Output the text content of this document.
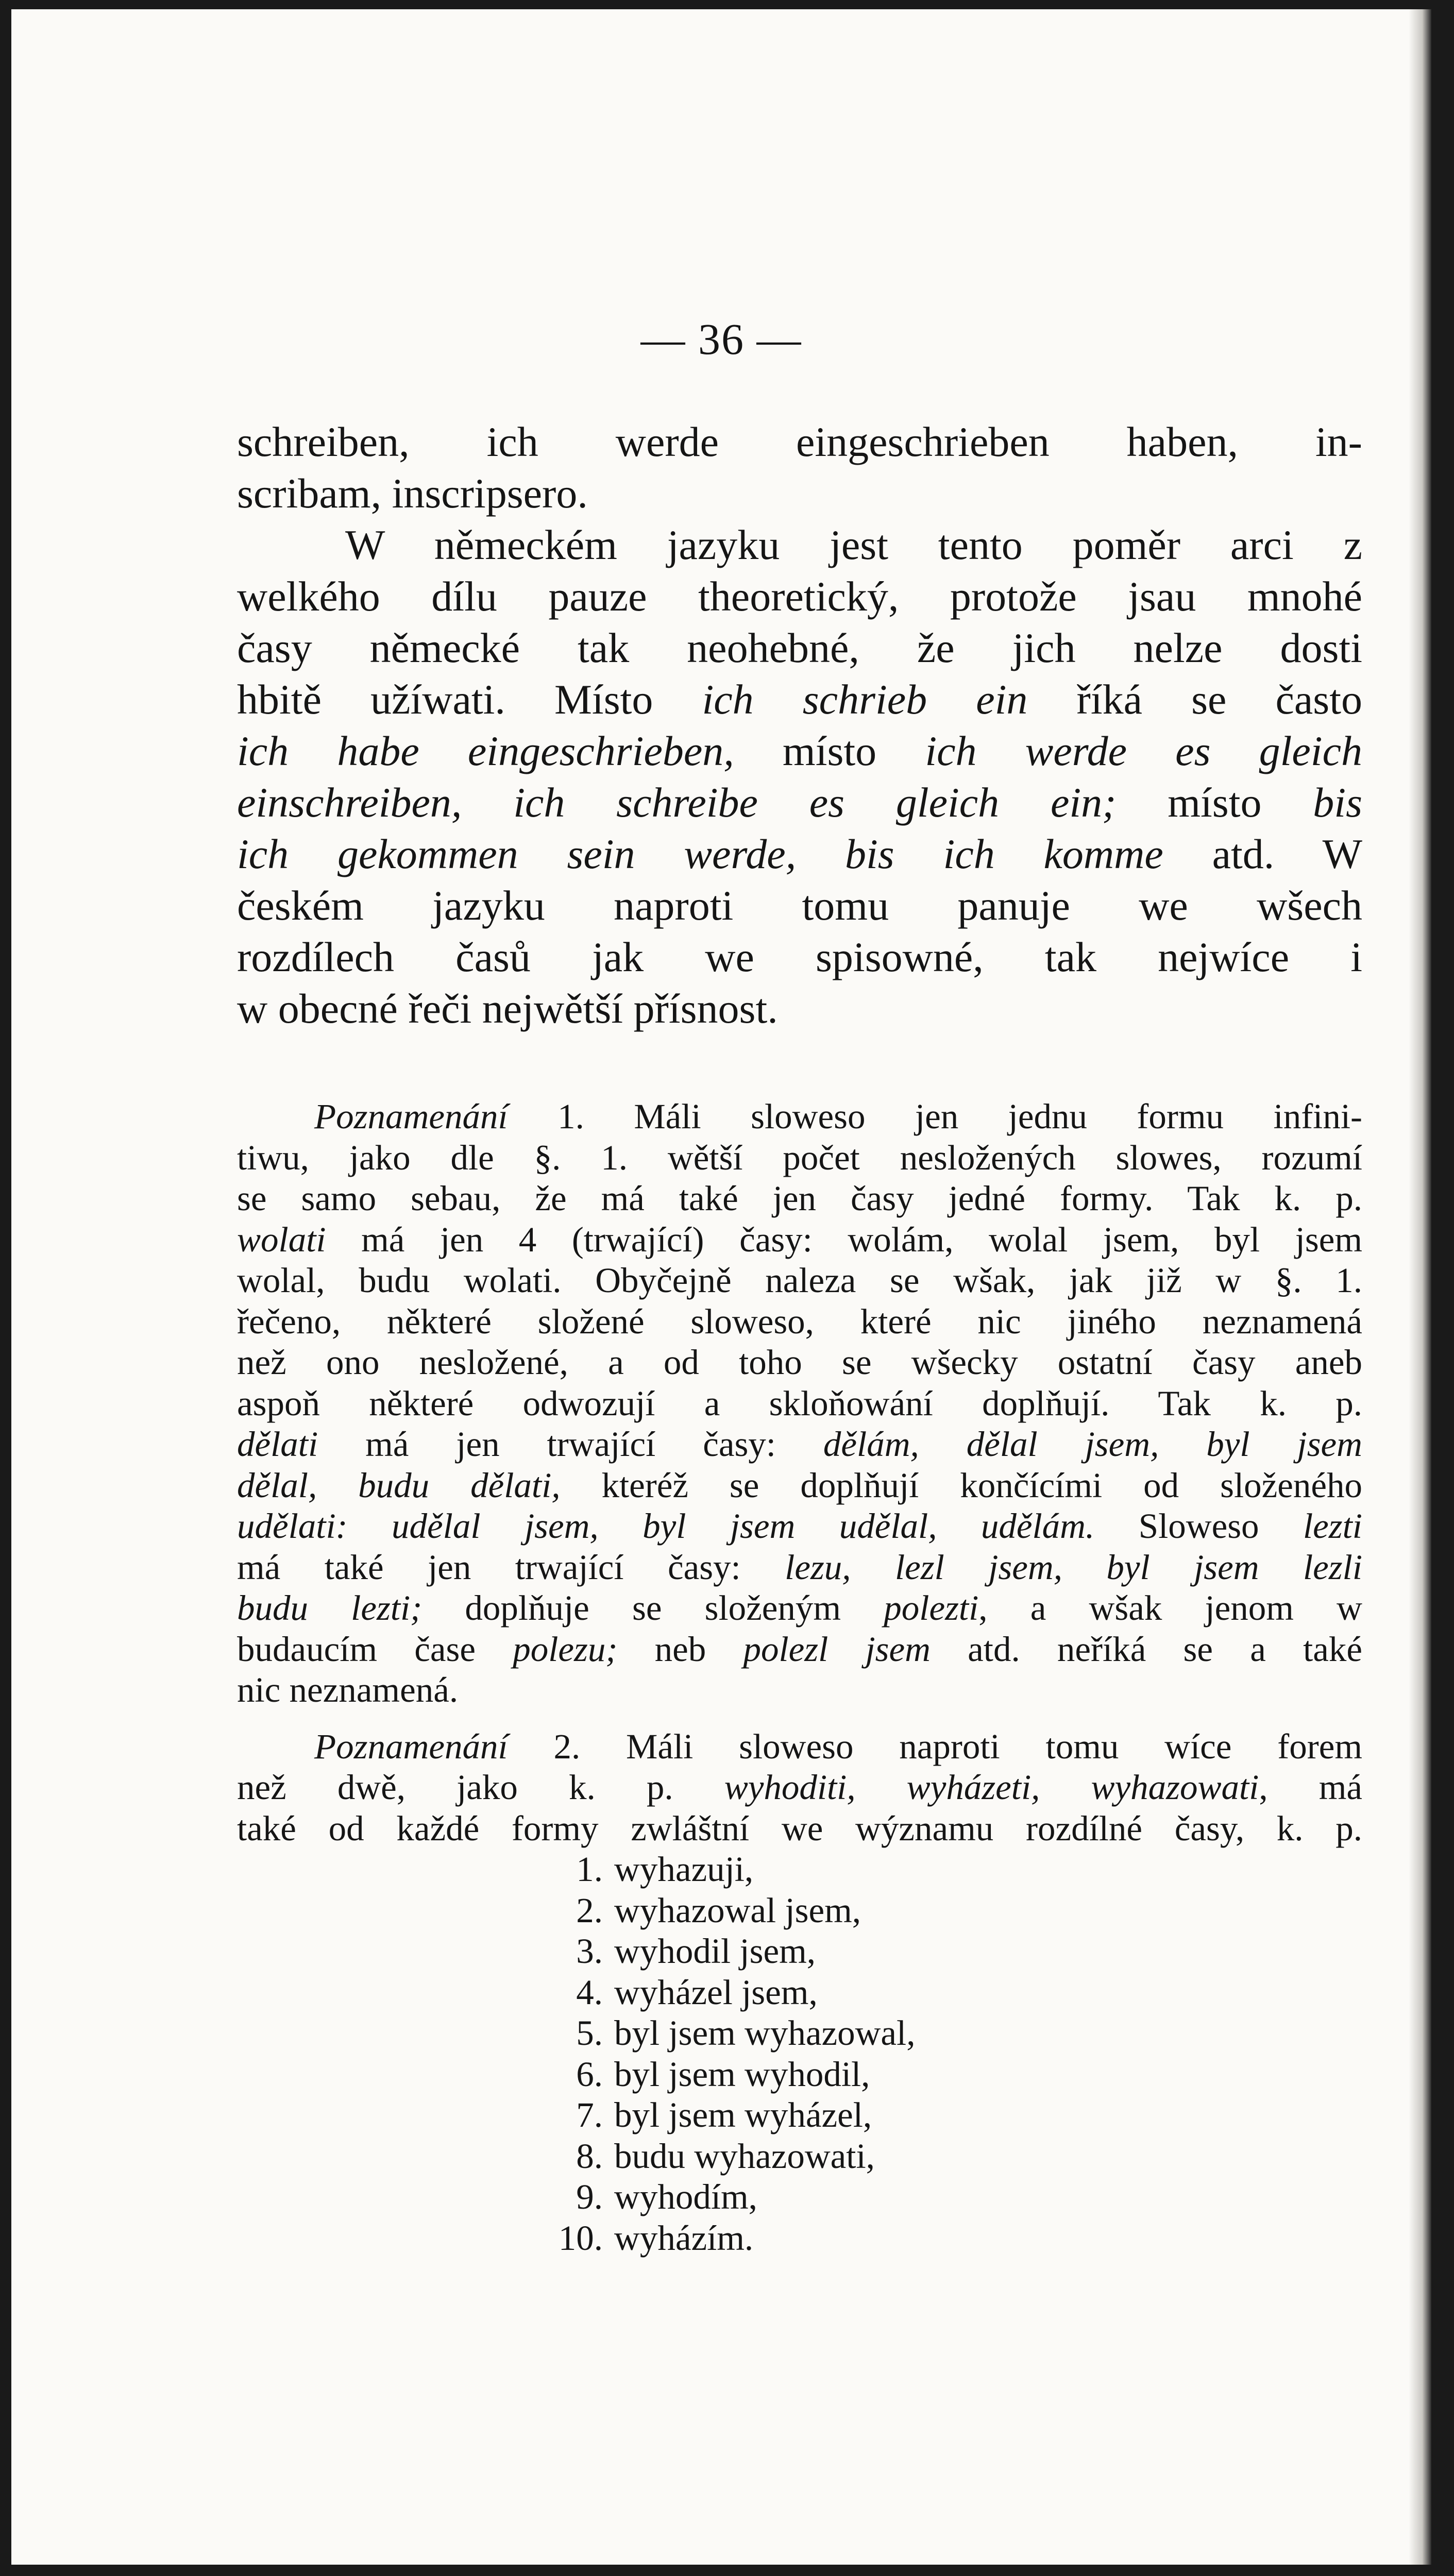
— 36 —

schreiben, ich werde eingeschrieben haben, in-
scribam, inscripsero.

W německém jazyku jest tento poměr arci z
welkého dílu pauze theoretický, protože jsau mnohé
časy německé tak neohebné, že jich nelze dosti
hbitě užíwati. Místo ich schrieb ein říká se často
ich habe eingeschrieben, místo ich werde es gleich
einschreiben, ich schreibe es gleich ein; místo bis
ich gekommen sein werde, bis ich komme atd. W
českém jazyku naproti tomu panuje we wšech
rozdílech časů jak we spisowné, tak nejwíce i
w obecné řeči nejwětší přísnost.

Poznamenání 1. Máli sloweso jen jednu formu infini-
tiwu, jako dle §. 1. wětší počet nesložených slowes, rozumí
se samo sebau, že má také jen časy jedné formy. Tak k. p.
wolati má jen 4 (trwající) časy: wolám, wolal jsem, byl jsem
wolal, budu wolati. Obyčejně naleza se wšak, jak již w §. 1.
řečeno, některé složené sloweso, které nic jiného neznamená
než ono nesložené, a od toho se wšecky ostatní časy aneb
aspoň některé odwozují a skloňowání doplňují. Tak k. p.
dělati má jen trwající časy: dělám, dělal jsem, byl jsem
dělal, budu dělati, kteréž se doplňují končícími od složeného
udělati: udělal jsem, byl jsem udělal, udělám. Sloweso lezti
má také jen trwající časy: lezu, lezl jsem, byl jsem lezli
budu lezti; doplňuje se složeným polezti, a wšak jenom w
budaucím čase polezu; neb polezl jsem atd. neříká se a také
nic neznamená.

Poznamenání 2. Máli sloweso naproti tomu wíce forem
než dwě, jako k. p. wyhoditi, wyházeti, wyhazowati, má
také od každé formy zwláštní we wýznamu rozdílné časy, k. p.

1. wyhazuji,
2. wyhazowal jsem,
3. wyhodil jsem,
4. wyházel jsem,
5. byl jsem wyhazowal,
6. byl jsem wyhodil,
7. byl jsem wyházel,
8. budu wyhazowati,
9. wyhodím,
10. wyházím.
